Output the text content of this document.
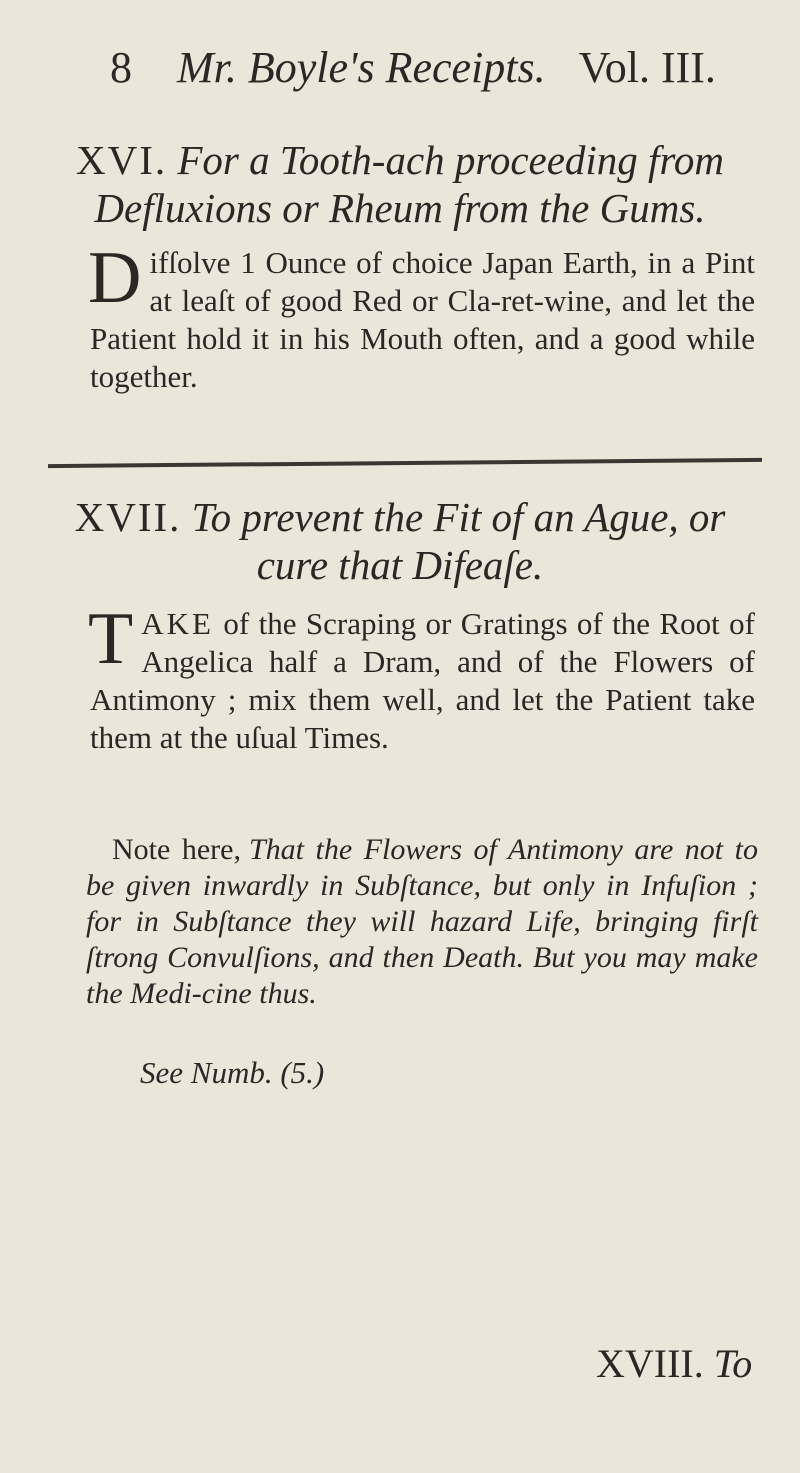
8 Mr. Boyle's Receipts. Vol. III.
XVI. For a Tooth-ach proceeding from
Defluxions or Rheum from the Gums.
Difſolve 1 Ounce of choice Japan Earth, in a Pint at leaſt of good Red or Cla-ret-wine, and let the Patient hold it in his Mouth often, and a good while together.
XVII. To prevent the Fit of an Ague, or
cure that Difeaſe.
TAKE of the Scraping or Gratings of the Root of Angelica half a Dram, and of the Flowers of Antimony ; mix them well, and let the Patient take them at the uſual Times.
Note here, That the Flowers of Antimony are not to be given inwardly in Subſtance, but only in Infuſion ; for in Subſtance they will hazard Life, bringing firſt ſtrong Convulſions, and then Death. But you may make the Medi-cine thus.
See Numb. (5.)
XVIII. To
